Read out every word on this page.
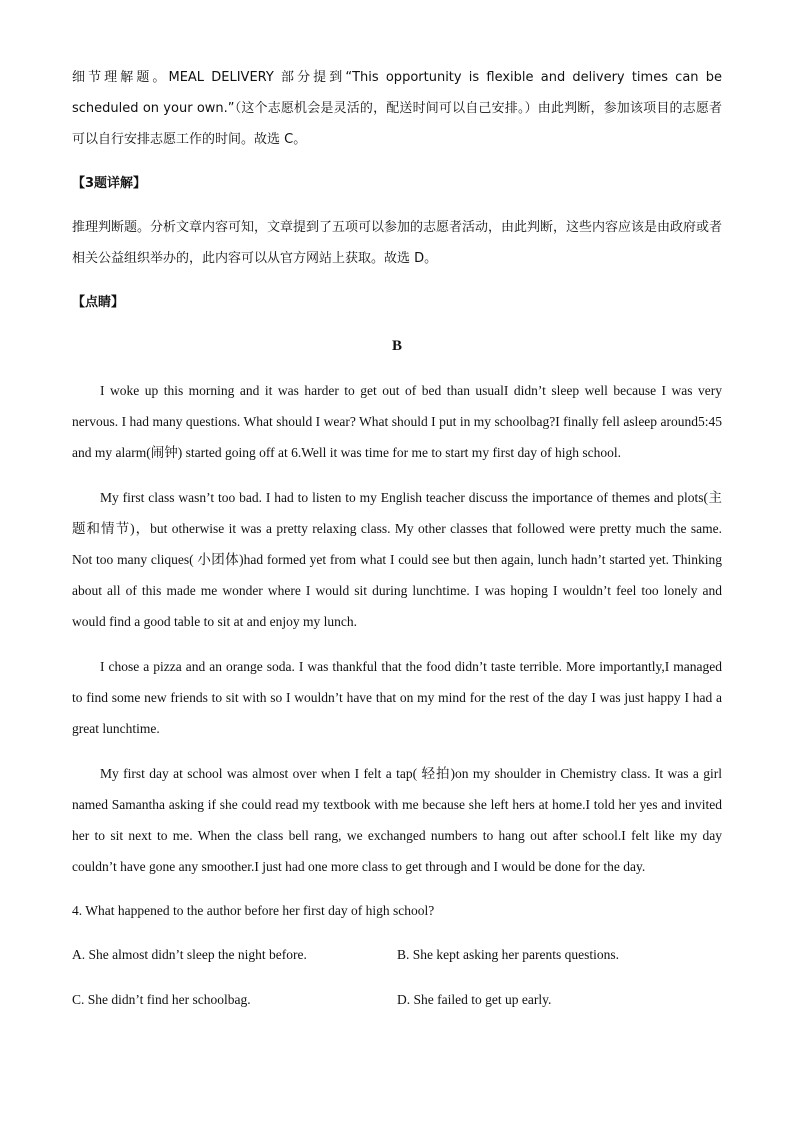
细节理解题。MEAL DELIVERY 部分提到“This opportunity is flexible and delivery times can be scheduled on your own.”（这个志愿机会是灵活的，配送时间可以自己安排。）由此判断，参加该项目的志愿者可以自行安排志愿工作的时间。故选 C。

【3题详解】

推理判断题。分析文章内容可知，文章提到了五项可以参加的志愿者活动，由此判断，这些内容应该是由政府或者相关公益组织举办的，此内容可以从官方网站上获取。故选 D。

【点睛】

B

I woke up this morning and it was harder to get out of bed than usualI didn’t sleep well because I was very nervous. I had many questions. What should I wear? What should I put in my schoolbag?I finally fell asleep around5:45 and my alarm(闹钟) started going off at 6.Well it was time for me to start my first day of high school.

My first class wasn’t too bad. I had to listen to my English teacher discuss the importance of themes and plots(主题和情节)，but otherwise it was a pretty relaxing class. My other classes that followed were pretty much the same. Not too many cliques( 小团体)had formed yet from what I could see but then again, lunch hadn’t started yet. Thinking about all of this made me wonder where I would sit during lunchtime. I was hoping I wouldn’t feel too lonely and would find a good table to sit at and enjoy my lunch.

I chose a pizza and an orange soda. I was thankful that the food didn’t taste terrible. More importantly,I managed to find some new friends to sit with so I wouldn’t have that on my mind for the rest of the day I was just happy I had a great lunchtime.

My first day at school was almost over when I felt a tap( 轻拍)on my shoulder in Chemistry class. It was a girl named Samantha asking if she could read my textbook with me because she left hers at home.I told her yes and invited her to sit next to me. When the class bell rang, we exchanged numbers to hang out after school.I felt like my day couldn’t have gone any smoother.I just had one more class to get through and I would be done for the day.

4. What happened to the author before her first day of high school?

A. She almost didn’t sleep the night before.	B. She kept asking her parents questions.
C. She didn’t find her schoolbag.	D. She failed to get up early.
